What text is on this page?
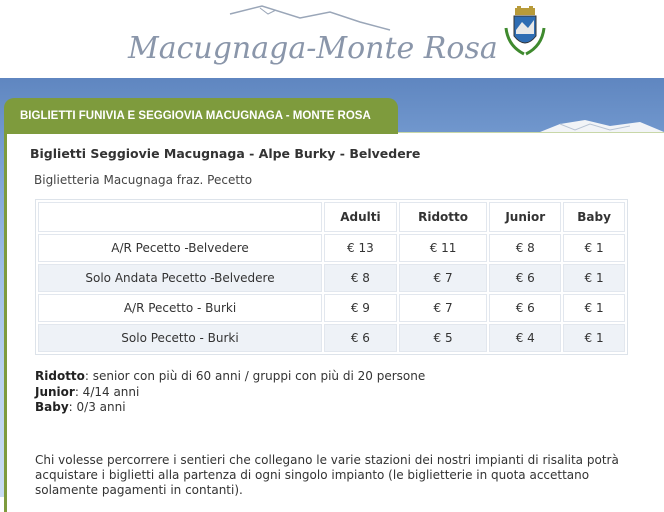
Macugnaga-Monte Rosa
BIGLIETTI FUNIVIA E SEGGIOVIA MACUGNAGA - MONTE ROSA
Biglietti Seggiovie Macugnaga - Alpe Burky - Belvedere
Biglietteria Macugnaga fraz. Pecetto
	Adulti	Ridotto	Junior	Baby
A/R Pecetto -Belvedere	€ 13	€ 11	€ 8	€ 1
Solo Andata Pecetto -Belvedere	€ 8	€ 7	€ 6	€ 1
A/R Pecetto - Burki	€ 9	€ 7	€ 6	€ 1
Solo Pecetto - Burki	€ 6	€ 5	€ 4	€ 1
Ridotto: senior con più di 60 anni / gruppi con più di 20 persone
Junior: 4/14 anni
Baby: 0/3 anni
Chi volesse percorrere i sentieri che collegano le varie stazioni dei nostri impianti di risalita potrà acquistare i biglietti alla partenza di ogni singolo impianto (le biglietterie in quota accettano solamente pagamenti in contanti).
